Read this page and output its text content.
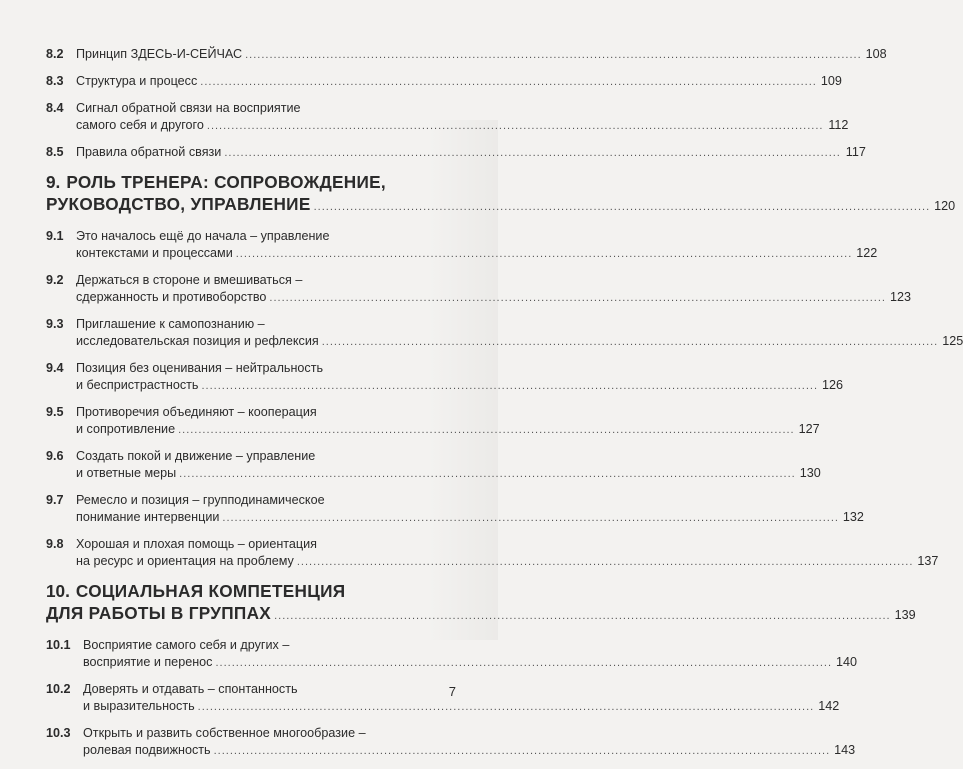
8.2 Принцип ЗДЕСЬ-И-СЕЙЧАС .....	108
8.3 Структура и процесс .....	109
8.4 Сигнал обратной связи на восприятие
самого себя и другого .....	112
8.5 Правила обратной связи .....	117
9. РОЛЬ ТРЕНЕРА: СОПРОВОЖДЕНИЕ,
РУКОВОДСТВО, УПРАВЛЕНИЕ .....	120
9.1 Это началось ещё до начала – управление
контекстами и процессами .....	122
9.2 Держаться в стороне и вмешиваться –
сдержанность и противоборство .....	123
9.3 Приглашение к самопознанию –
исследовательская позиция и рефлексия .....	125
9.4 Позиция без оценивания – нейтральность
и беспристрастность .....	126
9.5 Противоречия объединяют – кооперация
и сопротивление .....	127
9.6 Создать покой и движение – управление
и ответные меры .....	130
9.7 Ремесло и позиция – групподинамическое
понимание интервенции .....	132
9.8 Хорошая и плохая помощь – ориентация
на ресурс и ориентация на проблему .....	137
10. СОЦИАЛЬНАЯ КОМПЕТЕНЦИЯ
ДЛЯ РАБОТЫ В ГРУППАХ .....	139
10.1 Восприятие самого себя и других –
восприятие и перенос .....	140
10.2 Доверять и отдавать – спонтанность
и выразительность .....	142
10.3 Открыть и развить собственное многообразие –
ролевая подвижность .....	143
7
